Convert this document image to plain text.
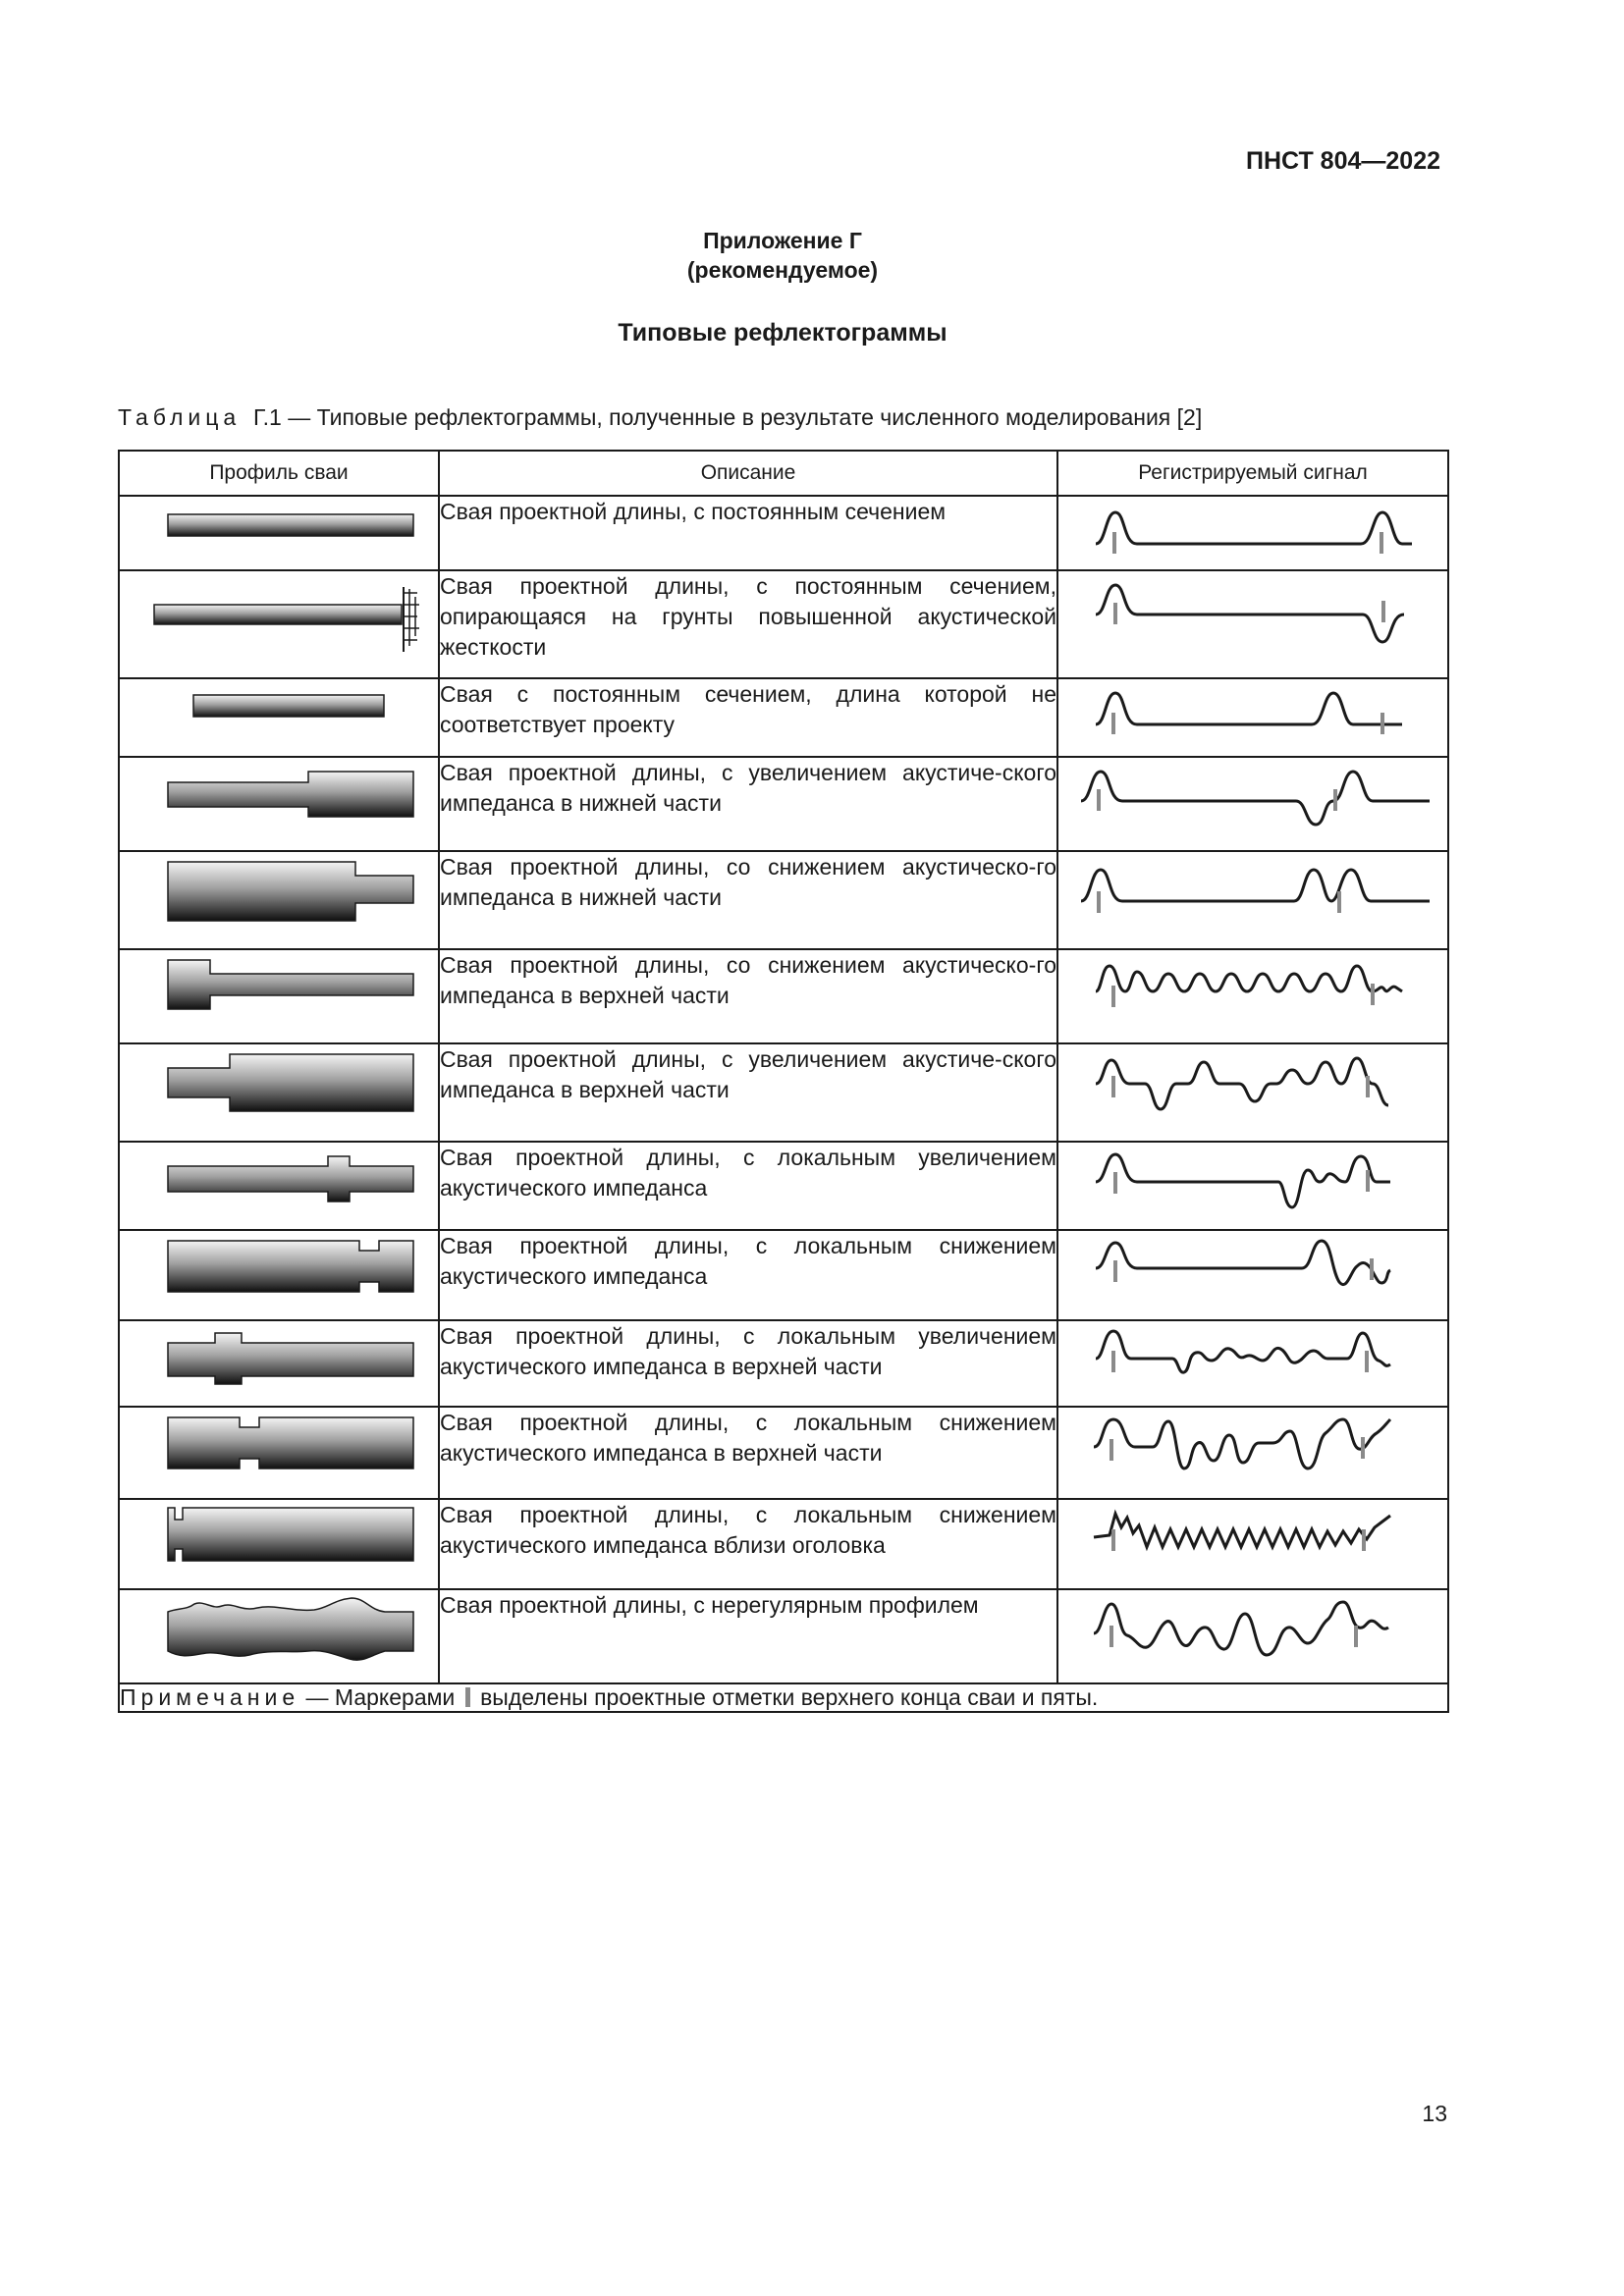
ПНСТ 804—2022
Приложение Г
(рекомендуемое)
Типовые рефлектограммы
Таблица Г.1 — Типовые рефлектограммы, полученные в результате численного моделирования [2]
Профиль сваи	Описание	Регистрируемый сигнал

	Свая проектной длины, с постоянным сечением	

	Свая проектной длины, с постоянным сечением, опирающаяся на грунты повышенной акустической жесткости	

	Свая с постоянным сечением, длина которой не соответствует проекту	

	Свая проектной длины, с увеличением акустиче-ского импеданса в нижней части	

	Свая проектной длины, со снижением акустическо-го импеданса в нижней части	

	Свая проектной длины, со снижением акустическо-го импеданса в верхней части	

	Свая проектной длины, с увеличением акустиче-ского импеданса в верхней части	

	Свая проектной длины, с локальным увеличением акустического импеданса	

	Свая проектной длины, с локальным снижением акустического импеданса	

	Свая проектной длины, с локальным увеличением акустического импеданса в верхней части	

	Свая проектной длины, с локальным снижением акустического импеданса в верхней части	

	Свая проектной длины, с локальным снижением акустического импеданса вблизи оголовка	

	Свая проектной длины, с нерегулярным профилем	

Примечание — Маркерами выделены проектные отметки верхнего конца сваи и пяты.		
13
